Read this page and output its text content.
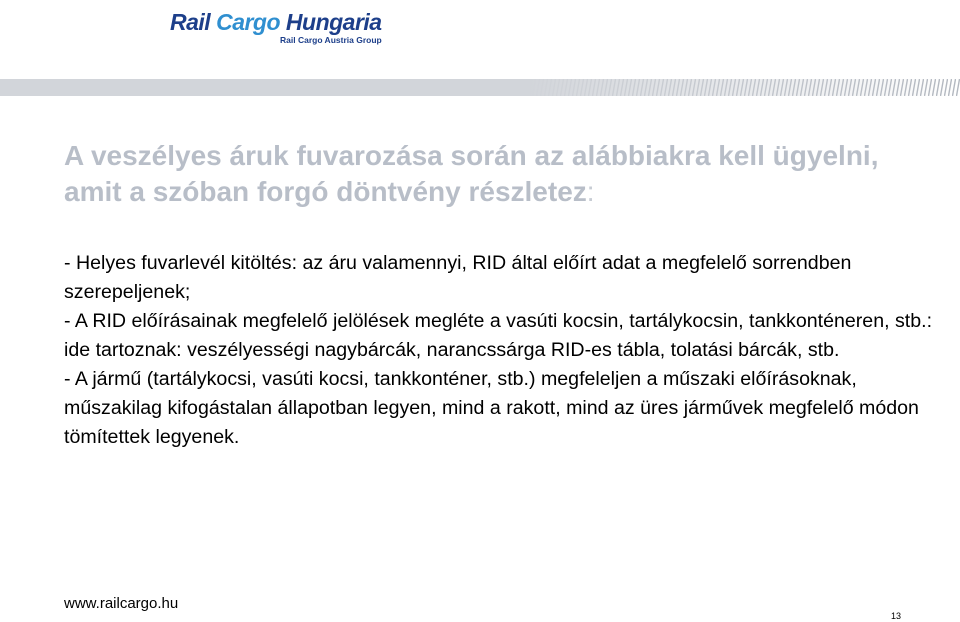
Rail Cargo Hungaria
Rail Cargo Austria Group
A veszélyes áruk fuvarozása során az alábbiakra kell ügyelni, amit a szóban forgó döntvény részletez:
- Helyes fuvarlevél kitöltés: az áru valamennyi, RID által előírt adat a megfelelő sorrendben szerepeljenek;
- A RID előírásainak megfelelő jelölések megléte a vasúti kocsin, tartálykocsin, tankkonténeren, stb.: ide tartoznak: veszélyességi nagybárcák, narancssárga RID-es tábla, tolatási bárcák, stb.
- A jármű (tartálykocsi, vasúti kocsi, tankkonténer, stb.) megfeleljen a műszaki előírásoknak, műszakilag kifogástalan állapotban legyen, mind a rakott, mind az üres járművek megfelelő módon tömítettek legyenek.
www.railcargo.hu
13
